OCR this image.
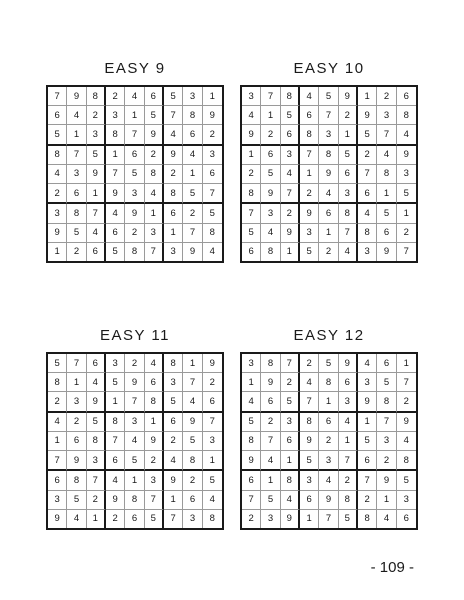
EASY 9
7	9	8	2	4	6	5	3	1
6	4	2	3	1	5	7	8	9
5	1	3	8	7	9	4	6	2
8	7	5	1	6	2	9	4	3
4	3	9	7	5	8	2	1	6
2	6	1	9	3	4	8	5	7
3	8	7	4	9	1	6	2	5
9	5	4	6	2	3	1	7	8
1	2	6	5	8	7	3	9	4
EASY 10
3	7	8	4	5	9	1	2	6
4	1	5	6	7	2	9	3	8
9	2	6	8	3	1	5	7	4
1	6	3	7	8	5	2	4	9
2	5	4	1	9	6	7	8	3
8	9	7	2	4	3	6	1	5
7	3	2	9	6	8	4	5	1
5	4	9	3	1	7	8	6	2
6	8	1	5	2	4	3	9	7
EASY 11
5	7	6	3	2	4	8	1	9
8	1	4	5	9	6	3	7	2
2	3	9	1	7	8	5	4	6
4	2	5	8	3	1	6	9	7
1	6	8	7	4	9	2	5	3
7	9	3	6	5	2	4	8	1
6	8	7	4	1	3	9	2	5
3	5	2	9	8	7	1	6	4
9	4	1	2	6	5	7	3	8
EASY 12
3	8	7	2	5	9	4	6	1
1	9	2	4	8	6	3	5	7
4	6	5	7	1	3	9	8	2
5	2	3	8	6	4	1	7	9
8	7	6	9	2	1	5	3	4
9	4	1	5	3	7	6	2	8
6	1	8	3	4	2	7	9	5
7	5	4	6	9	8	2	1	3
2	3	9	1	7	5	8	4	6
- 109 -
